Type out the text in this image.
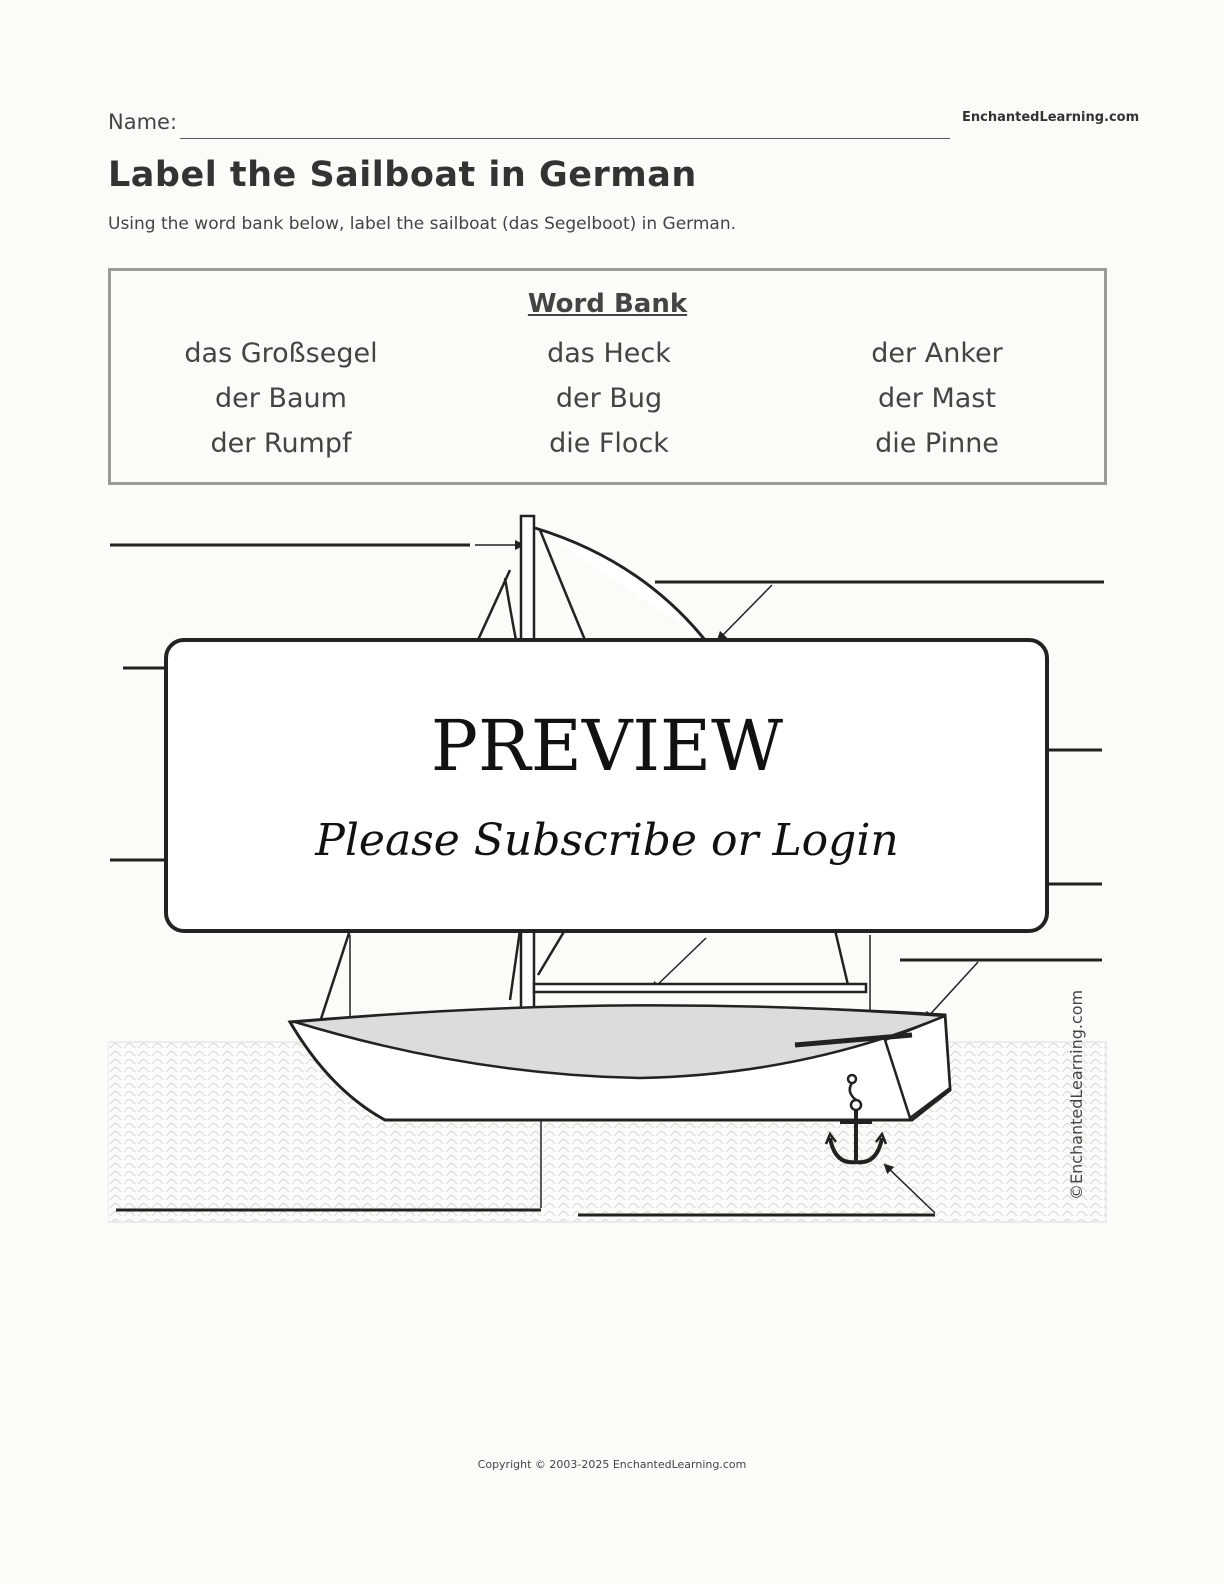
Name:	EnchantedLearning.com
Label the Sailboat in German
Using the word bank below, label the sailboat (das Segelboot) in German.
Word Bank
das Großsegel
der Baum
der Rumpf
das Heck
der Bug
die Flock
der Anker
der Mast
die Pinne
©EnchantedLearning.com
PREVIEW
Please Subscribe or Login
Copyright © 2003-2025 EnchantedLearning.com
